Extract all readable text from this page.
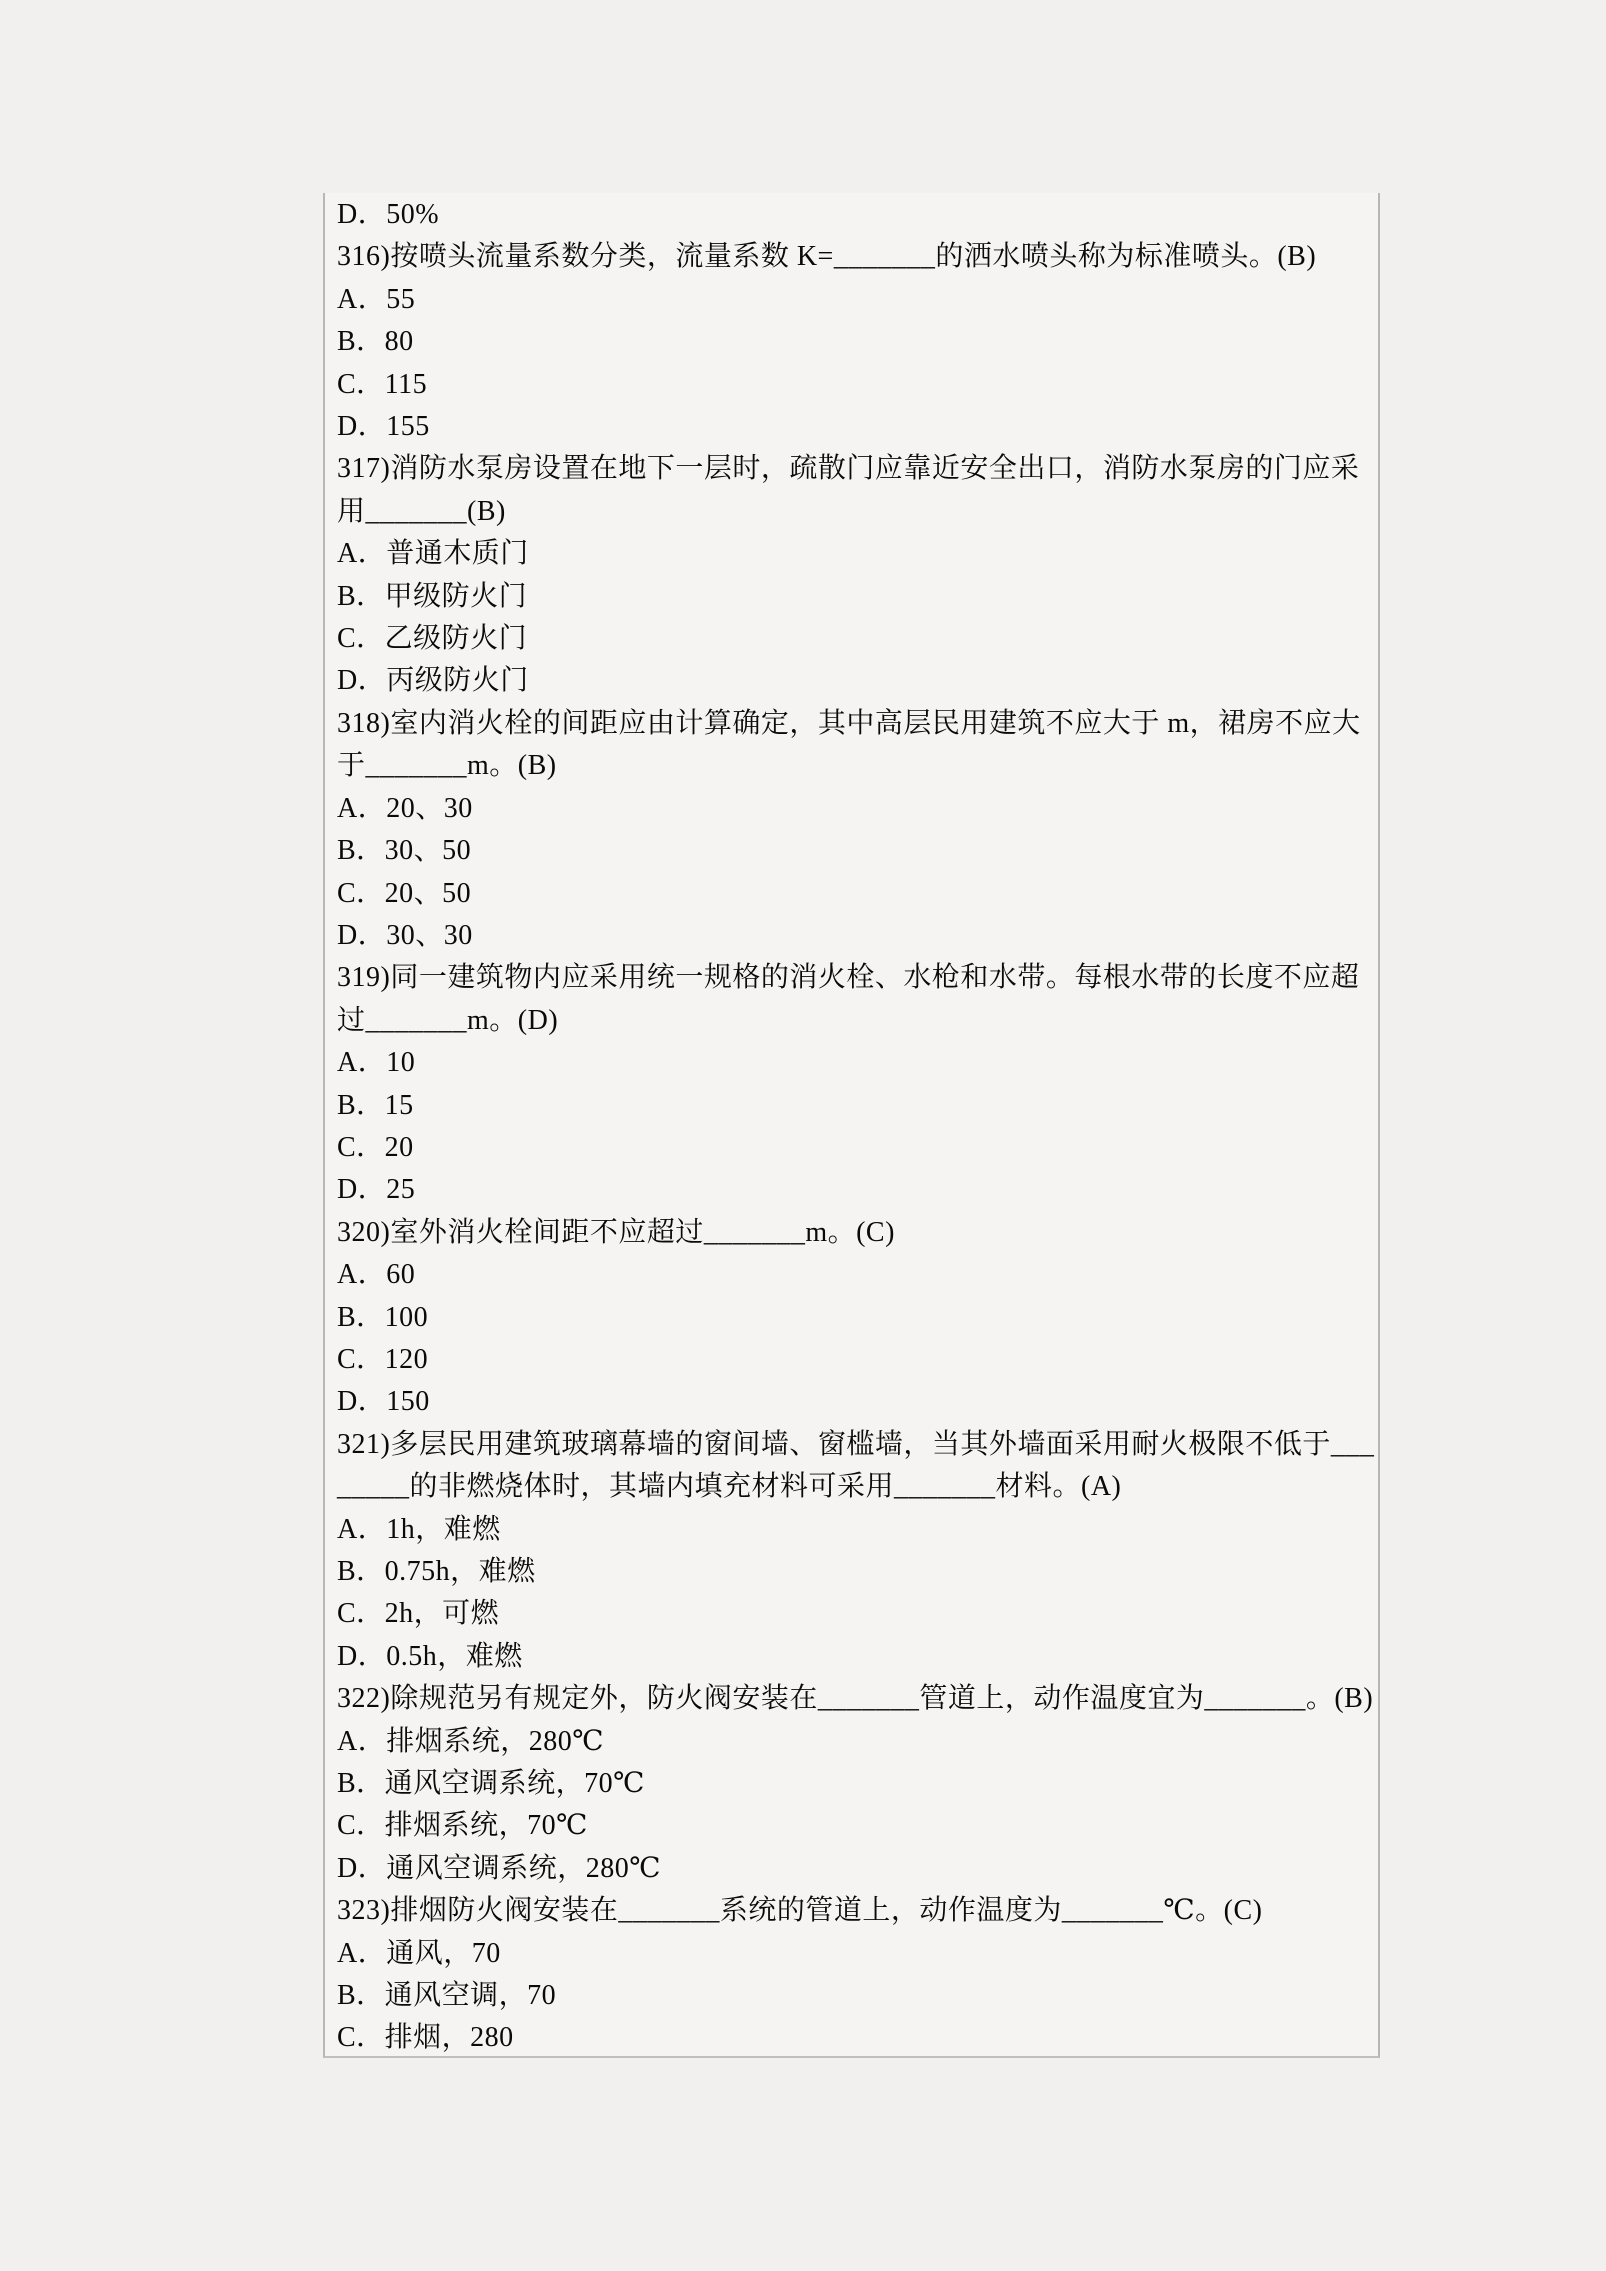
D．50%
316)按喷头流量系数分类，流量系数 K=_______的洒水喷头称为标准喷头。(B)
A．55
B．80
C．115
D．155
317)消防水泵房设置在地下一层时，疏散门应靠近安全出口，消防水泵房的门应采
用_______(B)
A．普通木质门
B．甲级防火门
C．乙级防火门
D．丙级防火门
318)室内消火栓的间距应由计算确定，其中高层民用建筑不应大于 m，裙房不应大
于_______m。(B)
A．20、30
B．30、50
C．20、50
D．30、30
319)同一建筑物内应采用统一规格的消火栓、水枪和水带。每根水带的长度不应超
过_______m。(D)
A．10
B．15
C．20
D．25
320)室外消火栓间距不应超过_______m。(C)
A．60
B．100
C．120
D．150
321)多层民用建筑玻璃幕墙的窗间墙、窗槛墙，当其外墙面采用耐火极限不低于___
_____的非燃烧体时，其墙内填充材料可采用_______材料。(A)
A．1h，难燃
B．0.75h，难燃
C．2h，可燃
D．0.5h，难燃
322)除规范另有规定外，防火阀安装在_______管道上，动作温度宜为_______。(B)
A．排烟系统，280℃
B．通风空调系统，70℃
C．排烟系统，70℃
D．通风空调系统，280℃
323)排烟防火阀安装在_______系统的管道上，动作温度为_______℃。(C)
A．通风，70
B．通风空调，70
C．排烟，280
